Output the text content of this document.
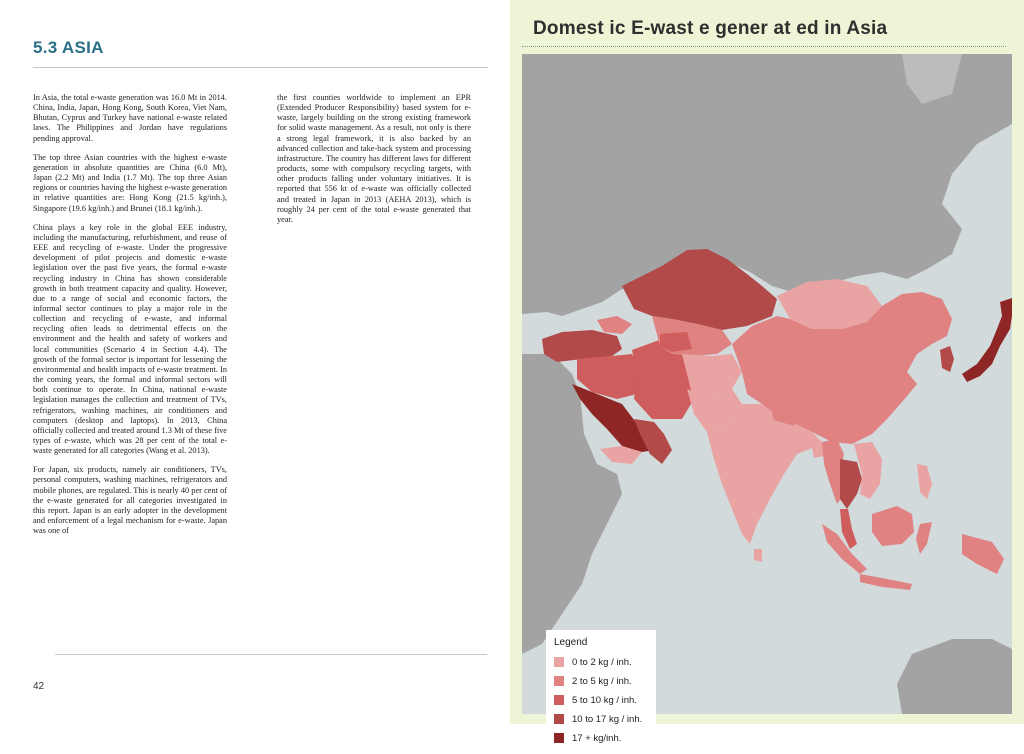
5.3 ASIA

In Asia, the total e-waste generation was 16.0 Mt in 2014. China, India, Japan, Hong Kong, South Korea, Viet Nam, Bhutan, Cyprus and Turkey have national e-waste related laws. The Philippines and Jordan have regulations pending approval.

The top three Asian countries with the highest e-waste generation in absolute quantities are China (6.0 Mt), Japan (2.2 Mt) and India (1.7 Mt). The top three Asian regions or countries having the highest e-waste generation in relative quantities are: Hong Kong (21.5 kg/inh.), Singapore (19.6 kg/inh.) and Brunei (18.1 kg/inh.).

China plays a key role in the global EEE industry, including the manufacturing, refurbishment, and reuse of EEE and recycling of e-waste. Under the progressive development of pilot projects and domestic e-waste legislation over the past five years, the formal e-waste recycling industry in China has shown considerable growth in both treatment capacity and quality. However, due to a range of social and economic factors, the informal sector continues to play a major role in the collection and recycling of e-waste, and informal recycling often leads to detrimental effects on the environment and the health and safety of workers and local communities (Scenario 4 in Section 4.4). The growth of the formal sector is important for lessening the environmental and health impacts of e-waste treatment. In the coming years, the formal and informal sectors will both continue to operate. In China, national e-waste legislation manages the collection and treatment of TVs, refrigerators, washing machines, air conditioners and computers (desktop and laptops). In 2013, China officially collected and treated around 1.3 Mt of these five types of e-waste, which was 28 per cent of the total e-waste generated for all categories (Wang et al. 2013).

For Japan, six products, namely air conditioners, TVs, personal computers, washing machines, refrigerators and mobile phones, are regulated. This is nearly 40 per cent of the e-waste generated for all categories investigated in this report. Japan is an early adopter in the development and enforcement of a legal mechanism for e-waste. Japan was one of

the first counties worldwide to implement an EPR (Extended Producer Responsibility) based system for e-waste, largely building on the strong existing framework for solid waste management. As a result, not only is there a strong legal framework, it is also backed by an advanced collection and take-back system and processing infrastructure. The country has different laws for different products, some with compulsory recycling targets, with other products falling under voluntary initiatives. It is reported that 556 kt of e-waste was officially collected and treated in Japan in 2013 (AEHA 2013), which is roughly 24 per cent of the total e-waste generated that year.

42
Domest ic E-wast e gener at ed in Asia
Legend
0 to 2 kg / inh.
2 to 5 kg / inh.
5 to 10 kg / inh.
10 to 17 kg / inh.
17 + kg/inh.
